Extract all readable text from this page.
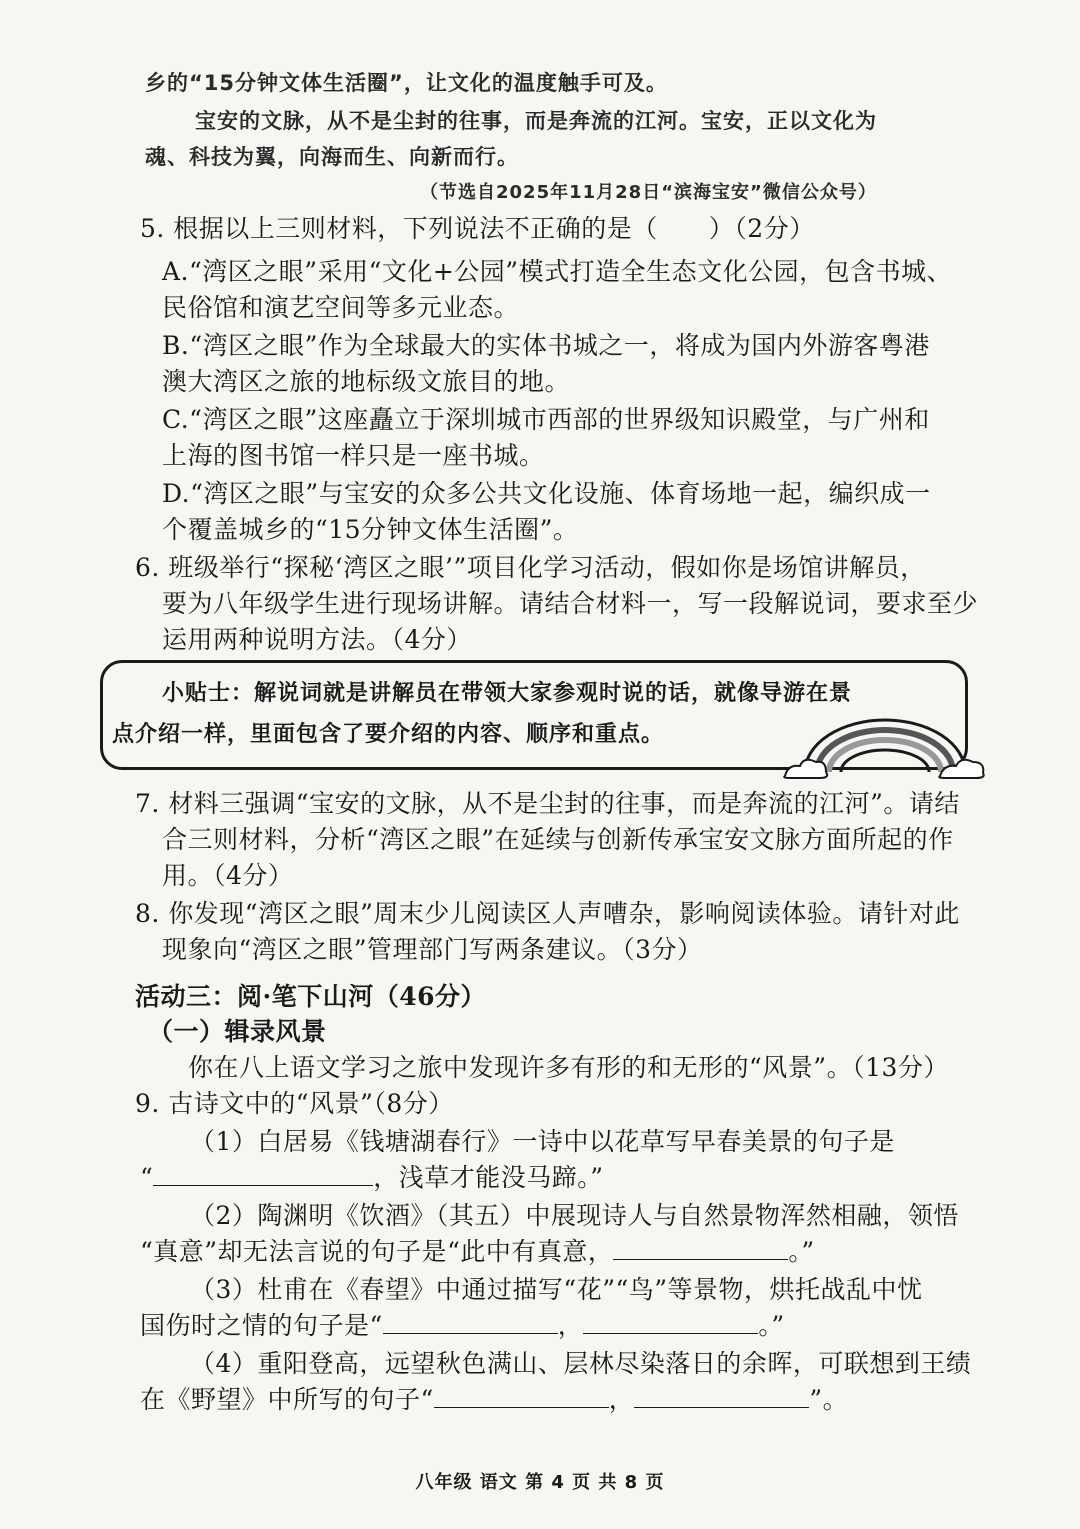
乡的“15分钟文体生活圈”，让文化的温度触手可及。
宝安的文脉，从不是尘封的往事，而是奔流的江河。宝安，正以文化为
魂、科技为翼，向海而生、向新而行。
（节选自2025年11月28日“滨海宝安”微信公众号）
5. 根据以上三则材料，下列说法不正确的是（　　）（2分）
A.“湾区之眼”采用“文化+公园”模式打造全生态文化公园，包含书城、
民俗馆和演艺空间等多元业态。
B.“湾区之眼”作为全球最大的实体书城之一，将成为国内外游客粤港
澳大湾区之旅的地标级文旅目的地。
C.“湾区之眼”这座矗立于深圳城市西部的世界级知识殿堂，与广州和
上海的图书馆一样只是一座书城。
D.“湾区之眼”与宝安的众多公共文化设施、体育场地一起，编织成一
个覆盖城乡的“15分钟文体生活圈”。
6. 班级举行“探秘‘湾区之眼’”项目化学习活动，假如你是场馆讲解员，
要为八年级学生进行现场讲解。请结合材料一，写一段解说词，要求至少
运用两种说明方法。（4分）
小贴士：解说词就是讲解员在带领大家参观时说的话，就像导游在景
点介绍一样，里面包含了要介绍的内容、顺序和重点。
7. 材料三强调“宝安的文脉，从不是尘封的往事，而是奔流的江河”。请结
合三则材料，分析“湾区之眼”在延续与创新传承宝安文脉方面所起的作
用。（4分）
8. 你发现“湾区之眼”周末少儿阅读区人声嘈杂，影响阅读体验。请针对此
现象向“湾区之眼”管理部门写两条建议。（3分）
活动三：阅·笔下山河（46分）
（一）辑录风景
你在八上语文学习之旅中发现许多有形的和无形的“风景”。（13分）
9. 古诗文中的“风景”（8分）
（1）白居易《钱塘湖春行》一诗中以花草写早春美景的句子是
“	，浅草才能没马蹄。”
（2）陶渊明《饮酒》（其五）中展现诗人与自然景物浑然相融，领悟
“真意”却无法言说的句子是“此中有真意，	。”
（3）杜甫在《春望》中通过描写“花”“鸟”等景物，烘托战乱中忧
国伤时之情的句子是“	，	。”
（4）重阳登高，远望秋色满山、层林尽染落日的余晖，可联想到王绩
在《野望》中所写的句子“	，	”。
八年级 语文 第 4 页 共 8 页
